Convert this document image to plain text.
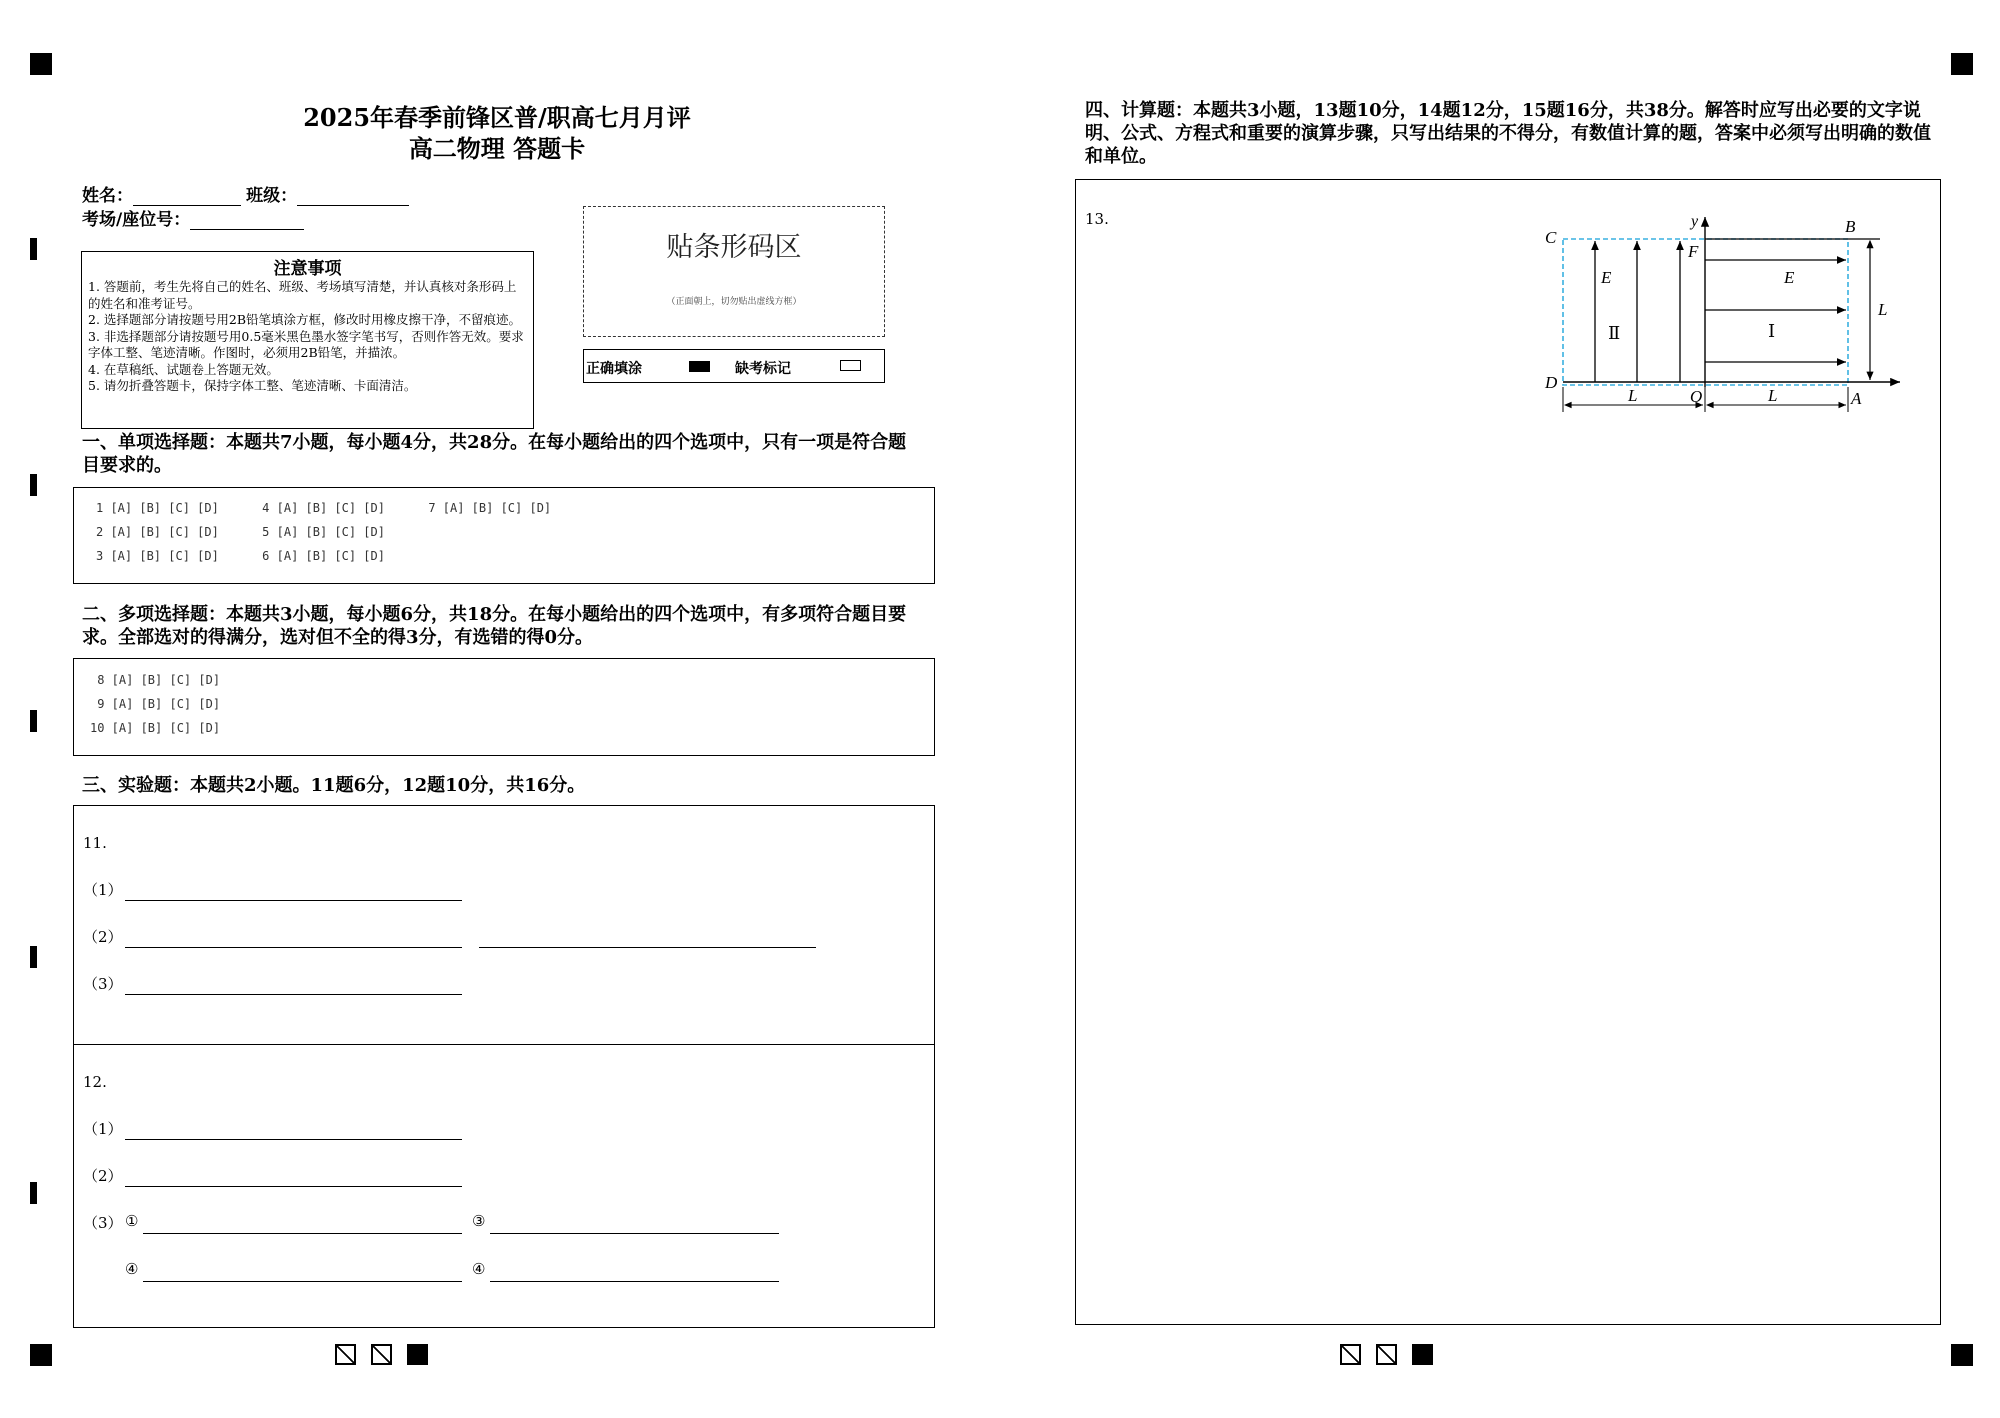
2025年春季前锋区普/职高七月月评
高二物理 答题卡
姓名：	班级：
考场/座位号：
注意事项
1. 答题前，考生先将自己的姓名、班级、考场填写清楚，并认真核对条形码上的姓名和准考证号。
2. 选择题部分请按题号用2B铅笔填涂方框，修改时用橡皮擦干净，不留痕迹。
3. 非选择题部分请按题号用0.5毫米黑色墨水签字笔书写，否则作答无效。要求字体工整、笔迹清晰。作图时，必须用2B铅笔，并描浓。
4. 在草稿纸、试题卷上答题无效。
5. 请勿折叠答题卡，保持字体工整、笔迹清晰、卡面清洁。
贴条形码区
（正面朝上，切勿贴出虚线方框）
正确填涂	缺考标记
一、单项选择题：本题共7小题，每小题4分，共28分。在每小题给出的四个选项中，只有一项是符合题目要求的。
1 [A] [B] [C] [D]      4 [A] [B] [C] [D]      7 [A] [B] [C] [D]
2 [A] [B] [C] [D]      5 [A] [B] [C] [D]
3 [A] [B] [C] [D]      6 [A] [B] [C] [D]
二、多项选择题：本题共3小题，每小题6分，共18分。在每小题给出的四个选项中，有多项符合题目要求。全部选对的得满分，选对但不全的得3分，有选错的得0分。
8 [A] [B] [C] [D]
9 [A] [B] [C] [D]
10 [A] [B] [C] [D]
三、实验题：本题共2小题。11题6分，12题10分，共16分。
11.
（1）
（2）
（3）
12.
（1）
（2）
（3） ①	③
④	④
四、计算题：本题共3小题，13题10分，14题12分，15题16分，共38分。解答时应写出必要的文字说明、公式、方程式和重要的演算步骤，只写出结果的不得分，有数值计算的题，答案中必须写出明确的数值和单位。
13.	y	B
C
F
D
O	A
E	E
L	L
L
Ⅱ	Ⅰ
